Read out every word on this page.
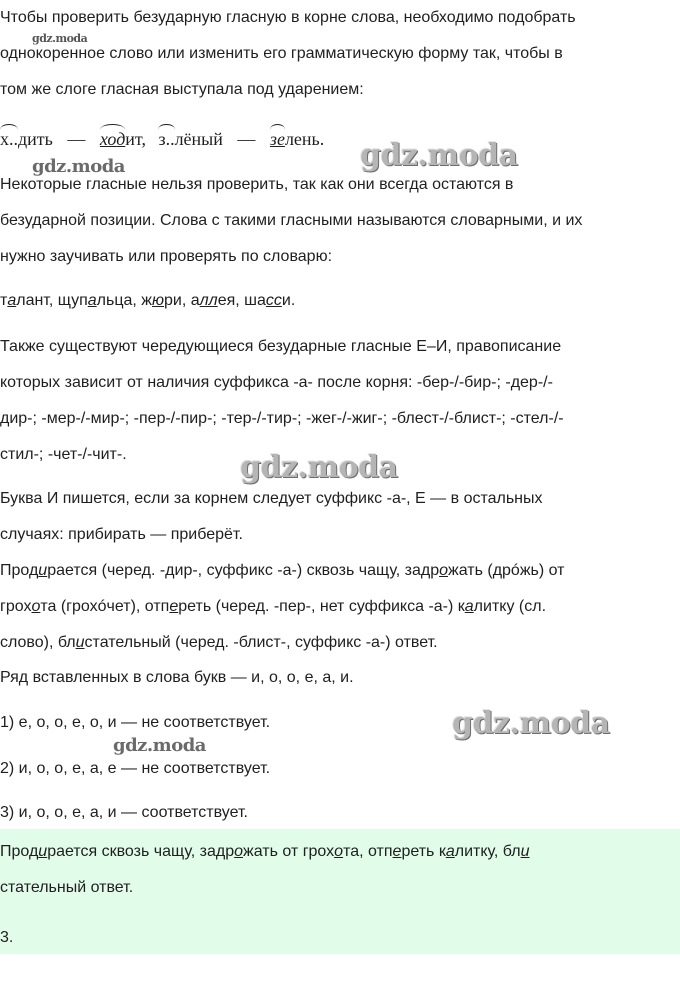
Чтобы проверить безударную гласную в корне слова, необходимо подобрать
однокоренное слово или изменить его грамматическую форму так, чтобы в
том же слоге гласная выступала под ударением:
х..дить — ходит, з..лёный — зелень.
Некоторые гласные нельзя проверить, так как они всегда остаются в
безударной позиции. Слова с такими гласными называются словарными, и их
нужно заучивать или проверять по словарю:
талант, щупальца, жюри, аллея, шасси.
Также существуют чередующиеся безударные гласные Е–И, правописание
которых зависит от наличия суффикса -а- после корня: -бер-/-бир-; -дер-/-
дир-; -мер-/-мир-; -пер-/-пир-; -тер-/-тир-; -жег-/-жиг-; -блест-/-блист-; -стел-/-
стил-; -чет-/-чит-.
Буква И пишется, если за корнем следует суффикс -а-, Е — в остальных
случаях: прибирать — приберёт.
Продирается (черед. -дир-, суффикс -а-) сквозь чащу, задрожать (дрóжь) от
грохота (грохóчет), отпереть (черед. -пер-, нет суффикса -а-) калитку (сл.
слово), блистательный (черед. -блист-, суффикс -а-) ответ.
Ряд вставленных в слова букв — и, о, о, е, а, и.
1) е, о, о, е, о, и — не соответствует.
2) и, о, о, е, а, е — не соответствует.
3) и, о, о, е, а, и — соответствует.
Продирается сквозь чащу, задрожать от грохота, отпереть калитку, бли
стательный ответ.
3.
gdz.moda
gdz.moda	gdz.moda
gdz.moda
gdz.moda
gdz.moda
